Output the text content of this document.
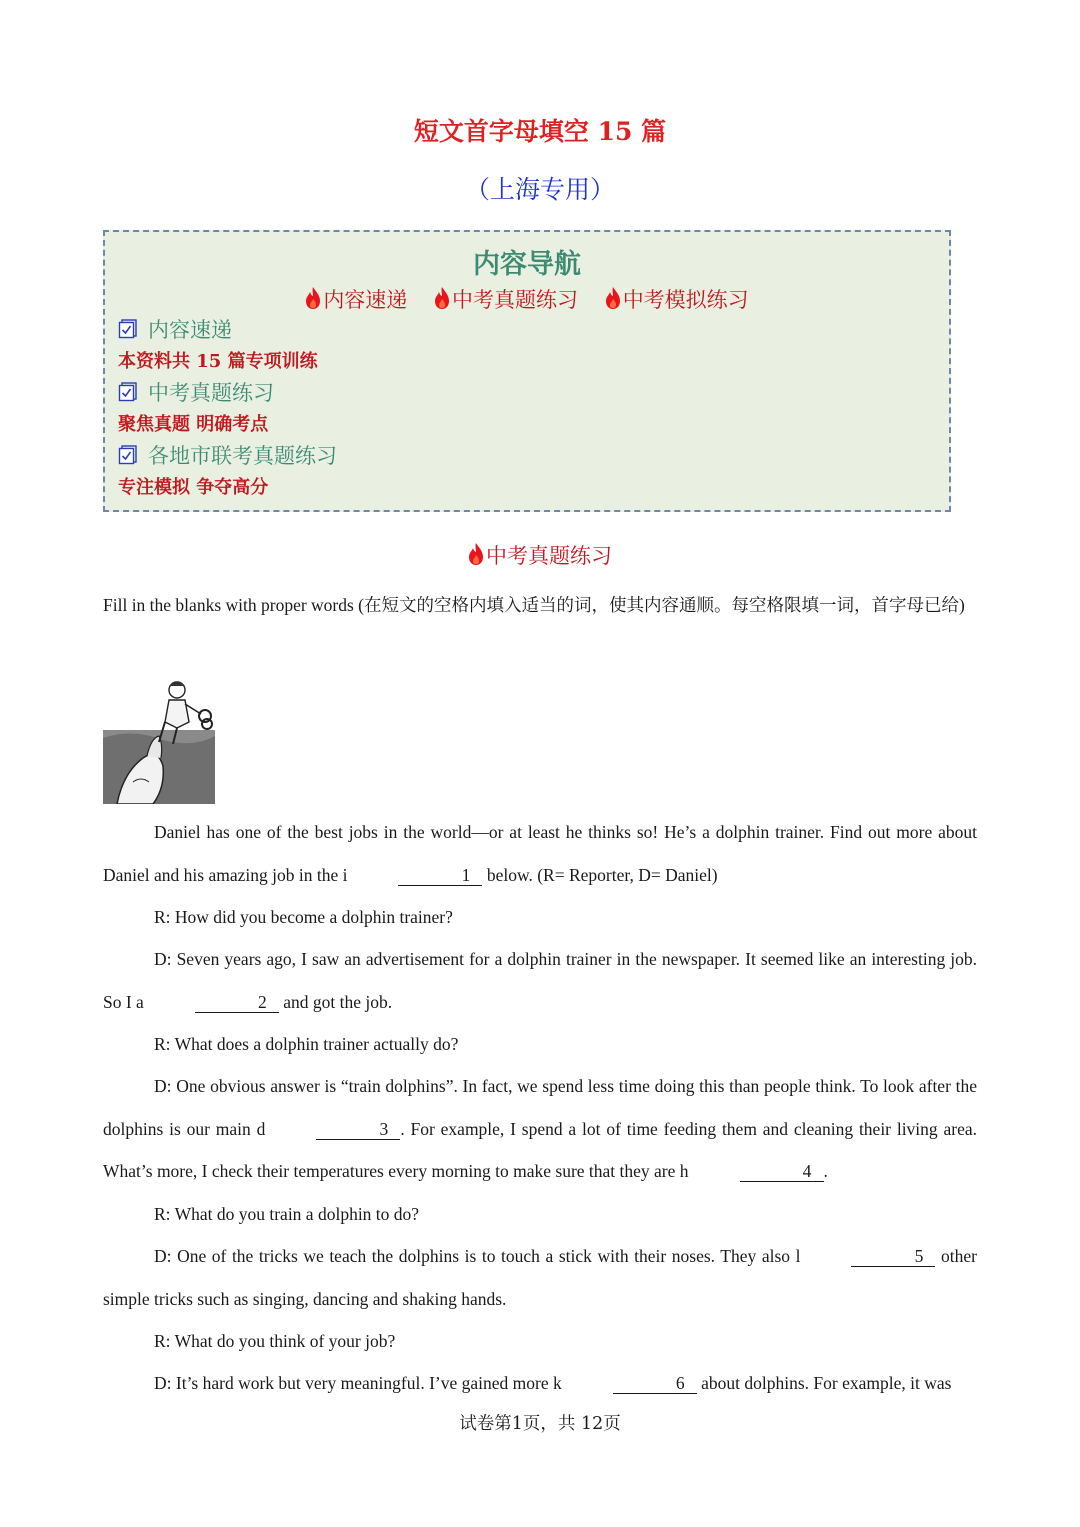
短文首字母填空 15 篇
（上海专用）
内容导航
内容速递 中考真题练习 中考模拟练习
内容速递
本资料共 15 篇专项训练
中考真题练习
聚焦真题 明确考点
各地市联考真题练习
专注模拟 争夺高分
中考真题练习
Fill in the blanks with proper words (在短文的空格内填入适当的词，使其内容通顺。每空格限填一词，首字母已给)
Daniel has one of the best jobs in the world—or at least he thinks so! He’s a dolphin trainer. Find out more about Daniel and his amazing job in the i	1 below. (R= Reporter, D= Daniel)
R: How did you become a dolphin trainer?
D: Seven years ago, I saw an advertisement for a dolphin trainer in the newspaper. It seemed like an interesting job. So I a	2 and got the job.
R: What does a dolphin trainer actually do?
D: One obvious answer is “train dolphins”. In fact, we spend less time doing this than people think. To look after the dolphins is our main d	3 . For example, I spend a lot of time feeding them and cleaning their living area. What’s more, I check their temperatures every morning to make sure that they are h	4 .
R: What do you train a dolphin to do?
D: One of the tricks we teach the dolphins is to touch a stick with their noses. They also l	5 other simple tricks such as singing, dancing and shaking hands.
R: What do you think of your job?
D: It’s hard work but very meaningful. I’ve gained more k	6 about dolphins. For example, it was
试卷第1页，共 12页
